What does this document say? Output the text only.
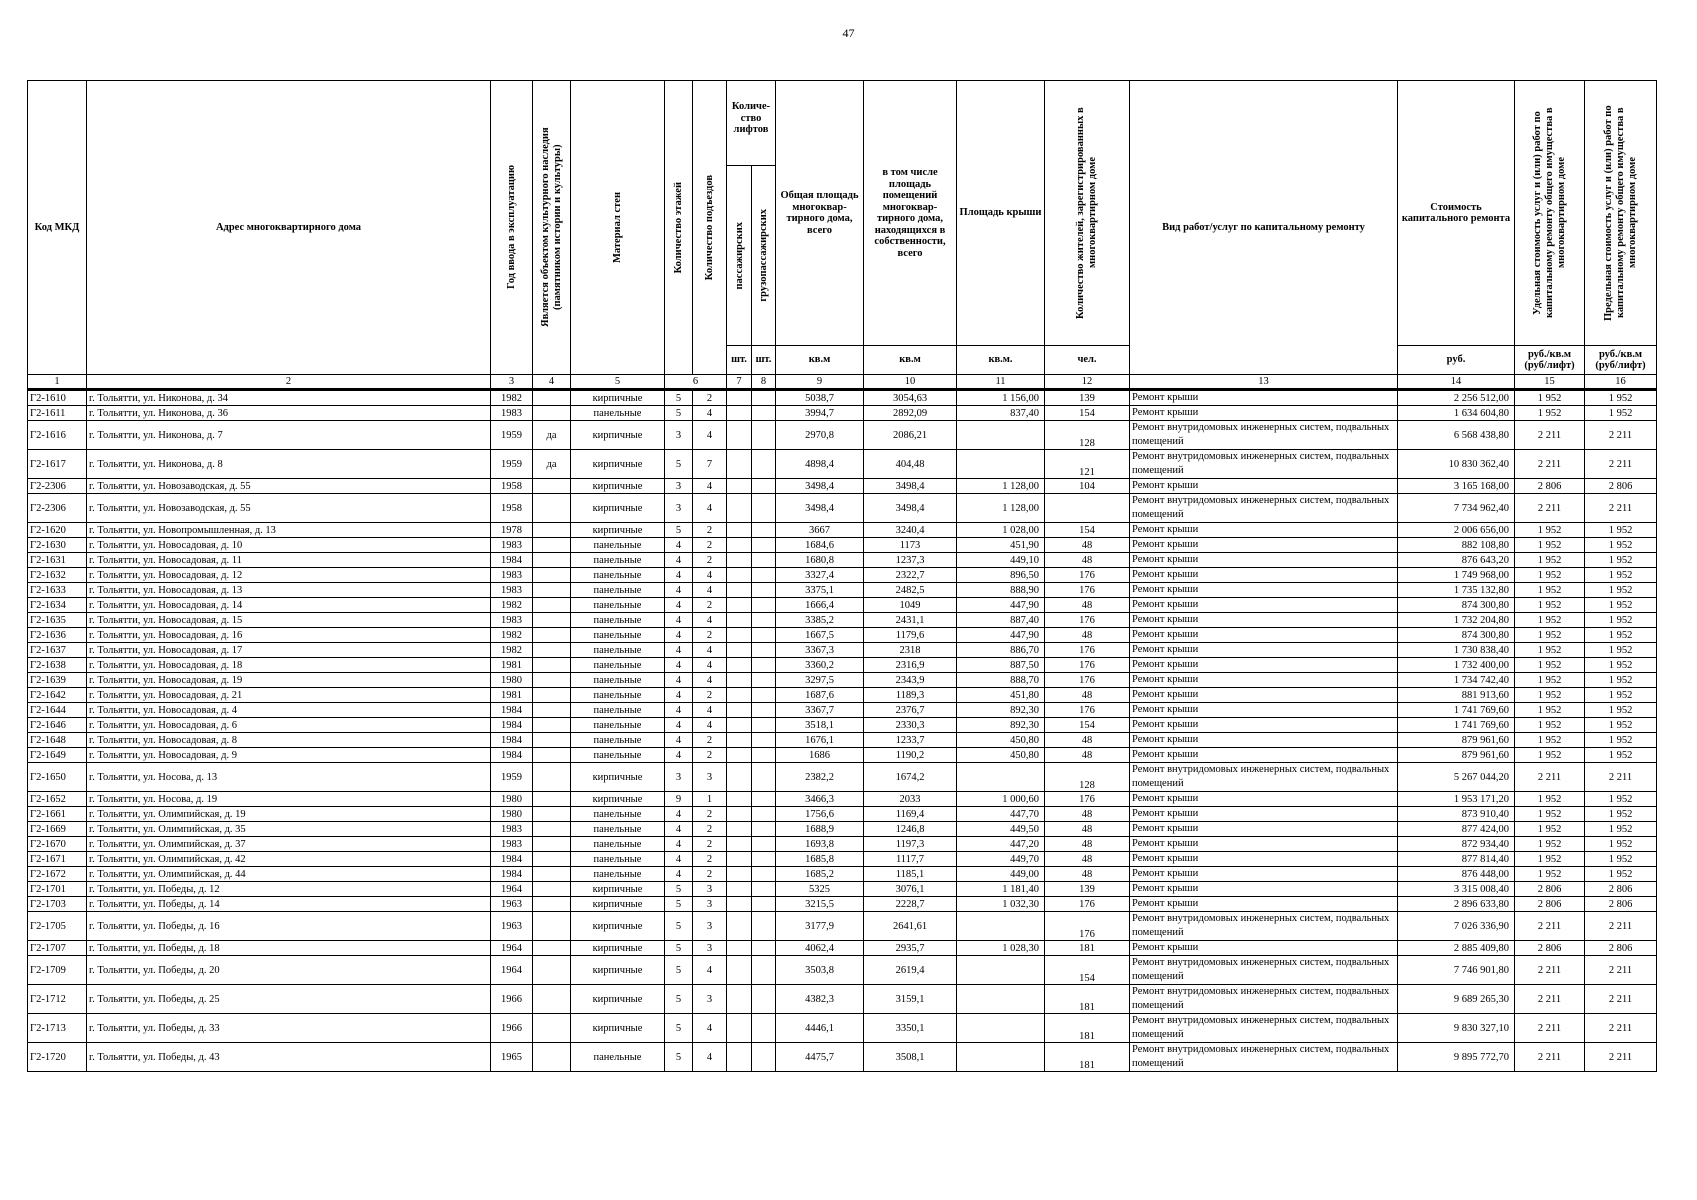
47
Код МКД	Адрес многоквартирного дома	Год ввода в эксплуатацию	Является объектом культурного наследия (памятником истории и культуры)	Материал стен	Количество этажей	Количество подъездов	Количе-ство лифтов		Общая площадь многоквар-тирного дома, всего	в том числе площадь помещений многоквар-тирного дома, находящихся в собственности, всего	Площадь крыши	Количество жителей, зарегистрированных в многоквартирном доме	Вид работ/услуг по капитальному ремонту	Стоимость капитального ремонта	Удельная стоимость услуг и (или) работ по капитальному ремонту общего имущества в многоквартирном доме	Предельная стоимость услуг и (или) работ по капитальному ремонту общего имущества в многоквартирном доме

							пассажирских	грузопассажирских								

							шт.	шт.	кв.м	кв.м	кв.м.	чел.		руб.	руб./кв.м (руб/лифт)	руб./кв.м (руб/лифт)
1	2	3	4	5	6		7	8	9	10	11	12	13	14	15	16
Г2-1610	г. Тольятти, ул. Никонова, д. 34	1982		кирпичные	5	2			5038,7	3054,63	1 156,00	139	Ремонт крыши	2 256 512,00	1 952	1 952
Г2-1611	г. Тольятти, ул. Никонова, д. 36	1983		панельные	5	4			3994,7	2892,09	837,40	154	Ремонт крыши	1 634 604,80	1 952	1 952
Г2-1616	г. Тольятти, ул. Никонова, д. 7	1959	да	кирпичные	3	4			2970,8	2086,21		128	Ремонт внутридомовых инженерных систем, подвальных помещений	6 568 438,80	2 211	2 211
Г2-1617	г. Тольятти, ул. Никонова, д. 8	1959	да	кирпичные	5	7			4898,4	404,48		121	Ремонт внутридомовых инженерных систем, подвальных помещений	10 830 362,40	2 211	2 211
Г2-2306	г. Тольятти, ул. Новозаводская, д. 55	1958		кирпичные	3	4			3498,4	3498,4	1 128,00	104	Ремонт крыши	3 165 168,00	2 806	2 806
Г2-2306	г. Тольятти, ул. Новозаводская, д. 55	1958		кирпичные	3	4			3498,4	3498,4	1 128,00		Ремонт внутридомовых инженерных систем, подвальных помещений	7 734 962,40	2 211	2 211
Г2-1620	г. Тольятти, ул. Новопромышленная, д. 13	1978		кирпичные	5	2			3667	3240,4	1 028,00	154	Ремонт крыши	2 006 656,00	1 952	1 952
Г2-1630	г. Тольятти, ул. Новосадовая, д. 10	1983		панельные	4	2			1684,6	1173	451,90	48	Ремонт крыши	882 108,80	1 952	1 952
Г2-1631	г. Тольятти, ул. Новосадовая, д. 11	1984		панельные	4	2			1680,8	1237,3	449,10	48	Ремонт крыши	876 643,20	1 952	1 952
Г2-1632	г. Тольятти, ул. Новосадовая, д. 12	1983		панельные	4	4			3327,4	2322,7	896,50	176	Ремонт крыши	1 749 968,00	1 952	1 952
Г2-1633	г. Тольятти, ул. Новосадовая, д. 13	1983		панельные	4	4			3375,1	2482,5	888,90	176	Ремонт крыши	1 735 132,80	1 952	1 952
Г2-1634	г. Тольятти, ул. Новосадовая, д. 14	1982		панельные	4	2			1666,4	1049	447,90	48	Ремонт крыши	874 300,80	1 952	1 952
Г2-1635	г. Тольятти, ул. Новосадовая, д. 15	1983		панельные	4	4			3385,2	2431,1	887,40	176	Ремонт крыши	1 732 204,80	1 952	1 952
Г2-1636	г. Тольятти, ул. Новосадовая, д. 16	1982		панельные	4	2			1667,5	1179,6	447,90	48	Ремонт крыши	874 300,80	1 952	1 952
Г2-1637	г. Тольятти, ул. Новосадовая, д. 17	1982		панельные	4	4			3367,3	2318	886,70	176	Ремонт крыши	1 730 838,40	1 952	1 952
Г2-1638	г. Тольятти, ул. Новосадовая, д. 18	1981		панельные	4	4			3360,2	2316,9	887,50	176	Ремонт крыши	1 732 400,00	1 952	1 952
Г2-1639	г. Тольятти, ул. Новосадовая, д. 19	1980		панельные	4	4			3297,5	2343,9	888,70	176	Ремонт крыши	1 734 742,40	1 952	1 952
Г2-1642	г. Тольятти, ул. Новосадовая, д. 21	1981		панельные	4	2			1687,6	1189,3	451,80	48	Ремонт крыши	881 913,60	1 952	1 952
Г2-1644	г. Тольятти, ул. Новосадовая, д. 4	1984		панельные	4	4			3367,7	2376,7	892,30	176	Ремонт крыши	1 741 769,60	1 952	1 952
Г2-1646	г. Тольятти, ул. Новосадовая, д. 6	1984		панельные	4	4			3518,1	2330,3	892,30	154	Ремонт крыши	1 741 769,60	1 952	1 952
Г2-1648	г. Тольятти, ул. Новосадовая, д. 8	1984		панельные	4	2			1676,1	1233,7	450,80	48	Ремонт крыши	879 961,60	1 952	1 952
Г2-1649	г. Тольятти, ул. Новосадовая, д. 9	1984		панельные	4	2			1686	1190,2	450,80	48	Ремонт крыши	879 961,60	1 952	1 952
Г2-1650	г. Тольятти, ул. Носова, д. 13	1959		кирпичные	3	3			2382,2	1674,2		128	Ремонт внутридомовых инженерных систем, подвальных помещений	5 267 044,20	2 211	2 211
Г2-1652	г. Тольятти, ул. Носова, д. 19	1980		кирпичные	9	1			3466,3	2033	1 000,60	176	Ремонт крыши	1 953 171,20	1 952	1 952
Г2-1661	г. Тольятти, ул. Олимпийская, д. 19	1980		панельные	4	2			1756,6	1169,4	447,70	48	Ремонт крыши	873 910,40	1 952	1 952
Г2-1669	г. Тольятти, ул. Олимпийская, д. 35	1983		панельные	4	2			1688,9	1246,8	449,50	48	Ремонт крыши	877 424,00	1 952	1 952
Г2-1670	г. Тольятти, ул. Олимпийская, д. 37	1983		панельные	4	2			1693,8	1197,3	447,20	48	Ремонт крыши	872 934,40	1 952	1 952
Г2-1671	г. Тольятти, ул. Олимпийская, д. 42	1984		панельные	4	2			1685,8	1117,7	449,70	48	Ремонт крыши	877 814,40	1 952	1 952
Г2-1672	г. Тольятти, ул. Олимпийская, д. 44	1984		панельные	4	2			1685,2	1185,1	449,00	48	Ремонт крыши	876 448,00	1 952	1 952
Г2-1701	г. Тольятти, ул. Победы, д. 12	1964		кирпичные	5	3			5325	3076,1	1 181,40	139	Ремонт крыши	3 315 008,40	2 806	2 806
Г2-1703	г. Тольятти, ул. Победы, д. 14	1963		кирпичные	5	3			3215,5	2228,7	1 032,30	176	Ремонт крыши	2 896 633,80	2 806	2 806
Г2-1705	г. Тольятти, ул. Победы, д. 16	1963		кирпичные	5	3			3177,9	2641,61		176	Ремонт внутридомовых инженерных систем, подвальных помещений	7 026 336,90	2 211	2 211
Г2-1707	г. Тольятти, ул. Победы, д. 18	1964		кирпичные	5	3			4062,4	2935,7	1 028,30	181	Ремонт крыши	2 885 409,80	2 806	2 806
Г2-1709	г. Тольятти, ул. Победы, д. 20	1964		кирпичные	5	4			3503,8	2619,4		154	Ремонт внутридомовых инженерных систем, подвальных помещений	7 746 901,80	2 211	2 211
Г2-1712	г. Тольятти, ул. Победы, д. 25	1966		кирпичные	5	3			4382,3	3159,1		181	Ремонт внутридомовых инженерных систем, подвальных помещений	9 689 265,30	2 211	2 211
Г2-1713	г. Тольятти, ул. Победы, д. 33	1966		кирпичные	5	4			4446,1	3350,1		181	Ремонт внутридомовых инженерных систем, подвальных помещений	9 830 327,10	2 211	2 211
Г2-1720	г. Тольятти, ул. Победы, д. 43	1965		панельные	5	4			4475,7	3508,1		181	Ремонт внутридомовых инженерных систем, подвальных помещений	9 895 772,70	2 211	2 211
